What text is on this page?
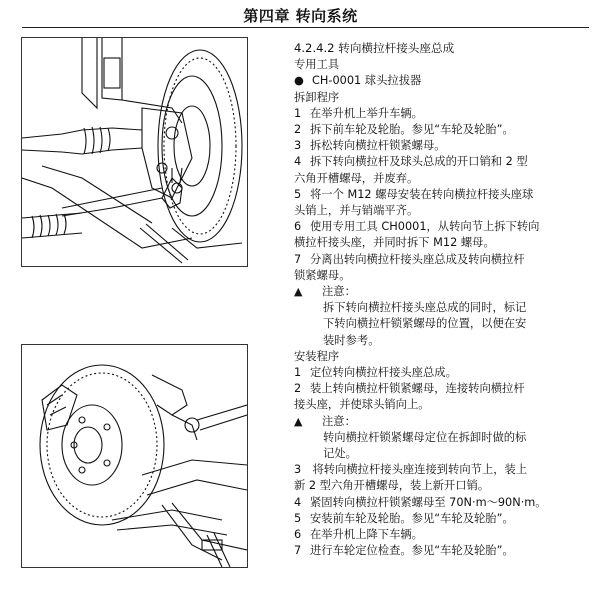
第四章 转向系统
4.2.4.2 转向横拉杆接头座总成
专用工具
● CH-0001 球头拉拔器
拆卸程序
1 在举升机上举升车辆。
2 拆下前车轮及轮胎。参见“车轮及轮胎”。
3 拆松转向横拉杆锁紧螺母。
4 拆下转向横拉杆及球头总成的开口销和 2 型
六角开槽螺母，并废弃。
5 将一个 M12 螺母安装在转向横拉杆接头座球
头销上，并与销端平齐。
6 使用专用工具 CH0001，从转向节上拆下转向
横拉杆接头座，并同时拆下 M12 螺母。
7 分离出转向横拉杆接头座总成及转向横拉杆
锁紧螺母。
▲ 注意：
拆下转向横拉杆接头座总成的同时，标记
下转向横拉杆锁紧螺母的位置，以便在安
装时参考。
安装程序
1 定位转向横拉杆接头座总成。
2 装上转向横拉杆锁紧螺母，连接转向横拉杆
接头座，并使球头销向上。
▲ 注意：
转向横拉杆锁紧螺母定位在拆卸时做的标
记处。
3　将转向横拉杆接头座连接到转向节上，装上
新 2 型六角开槽螺母，装上新开口销。
4 紧固转向横拉杆锁紧螺母至 70N·m～90N·m。
5 安装前车轮及轮胎。参见“车轮及轮胎”。
6 在举升机上降下车辆。
7 进行车轮定位检查。参见“车轮及轮胎”。
